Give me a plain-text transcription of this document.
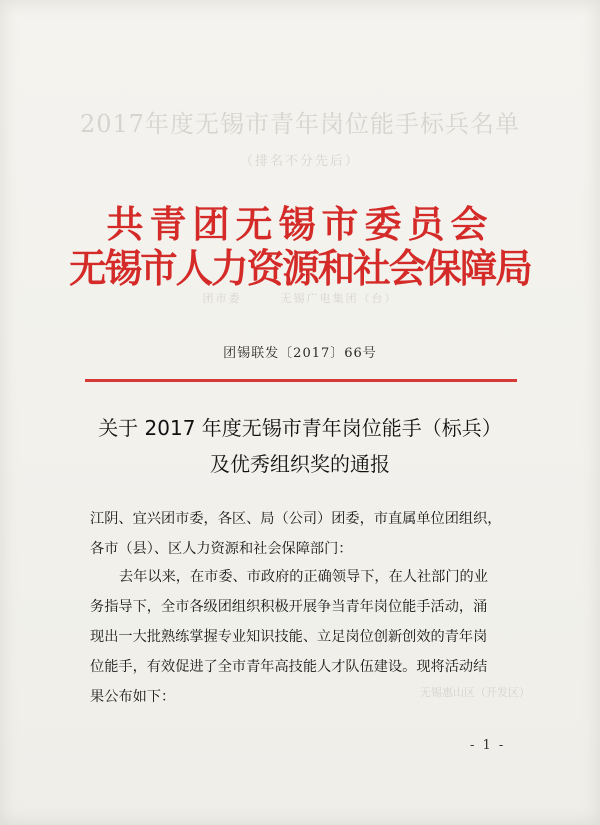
2017年度无锡市青年岗位能手标兵名单
（排名不分先后）
团市委　　　无锡广电集团（台）
无锡惠山区（开发区）
共青团无锡市委员会
无锡市人力资源和社会保障局
团锡联发〔2017〕66号
关于 2017 年度无锡市青年岗位能手（标兵）
及优秀组织奖的通报
江阴、宜兴团市委，各区、局（公司）团委，市直属单位团组织，
各市（县）、区人力资源和社会保障部门：
去年以来，在市委、市政府的正确领导下，在人社部门的业
务指导下，全市各级团组织积极开展争当青年岗位能手活动，涌
现出一大批熟练掌握专业知识技能、立足岗位创新创效的青年岗
位能手，有效促进了全市青年高技能人才队伍建设。现将活动结
果公布如下：
- 1 -
